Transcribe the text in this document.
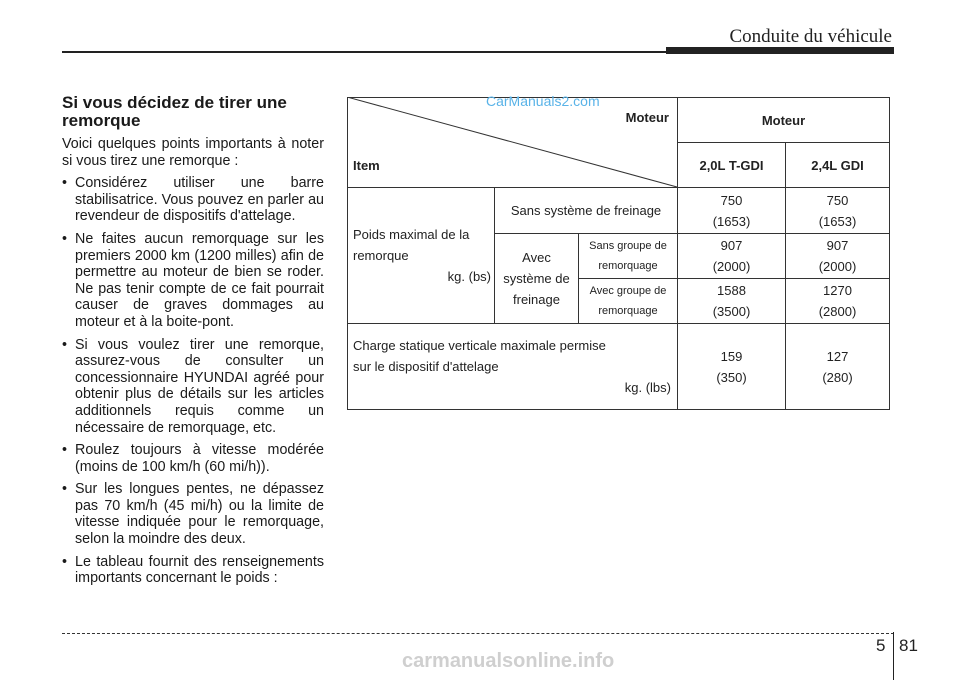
Conduite du véhicule
Si vous décidez de tirer une remorque
Voici quelques points importants à noter si vous tirez une remorque :
• Considérez utiliser une barre stabilisatrice. Vous pouvez en parler au revendeur de dispositifs d'attelage.
• Ne faites aucun remorquage sur les premiers 2000 km (1200 milles) afin de permettre au moteur de bien se roder. Ne pas tenir compte de ce fait pourrait causer de graves dommages au moteur et à la boite-pont.
• Si vous voulez tirer une remorque, assurez-vous de consulter un concessionnaire HYUNDAI agréé pour obtenir plus de détails sur les articles additionnels requis comme un nécessaire de remorquage, etc.
• Roulez toujours à vitesse modérée (moins de 100 km/h (60 mi/h)).
• Sur les longues pentes, ne dépassez pas 70 km/h (45 mi/h) ou la limite de vitesse indiquée pour le remorquage, selon la moindre des deux.
• Le tableau fournit des renseignements importants concernant le poids :
Moteur
Item
Moteur
2,0L T-GDI	2,4L GDI
Poids maximal de la
remorque
kg. (bs)
Sans système de freinage
Avec
système de
freinage
Sans groupe de
remorquage
Avec groupe de
remorquage
750
(1653)
750
(1653)
907
(2000)
907
(2000)
1588
(3500)
1270
(2800)
Charge statique verticale maximale permise
sur le dispositif d'attelage
kg. (lbs)
159
(350)
127
(280)
CarManuals2.com
5 81
carmanualsonline.info
